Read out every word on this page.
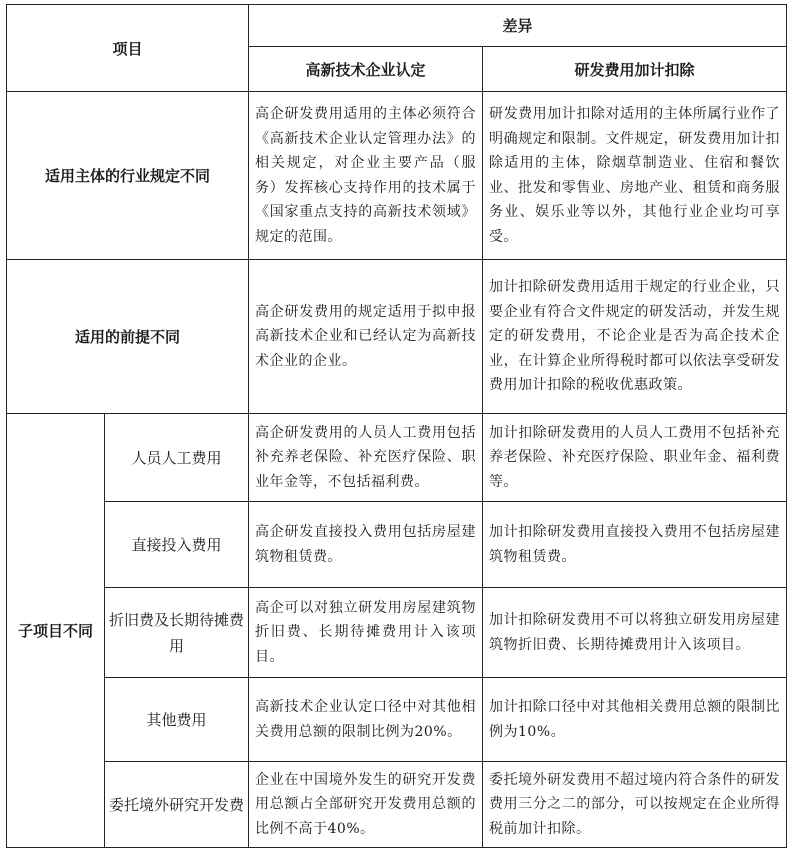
项目		差异	
		高新技术企业认定	研发费用加计扣除
适用主体的行业规定不同		高企研发费用适用的主体必须符合《高新技术企业认定管理办法》的相关规定，对企业主要产品（服务）发挥核心支持作用的技术属于《国家重点支持的高新技术领域》规定的范围。	研发费用加计扣除对适用的主体所属行业作了明确规定和限制。文件规定，研发费用加计扣除适用的主体，除烟草制造业、住宿和餐饮业、批发和零售业、房地产业、租赁和商务服务业、娱乐业等以外，其他行业企业均可享受。
适用的前提不同		高企研发费用的规定适用于拟申报高新技术企业和已经认定为高新技术企业的企业。	加计扣除研发费用适用于规定的行业企业，只要企业有符合文件规定的研发活动，并发生规定的研发费用，不论企业是否为高企技术企业，在计算企业所得税时都可以依法享受研发费用加计扣除的税收优惠政策。
子项目不同	人员人工费用	高企研发费用的人员人工费用包括补充养老保险、补充医疗保险、职业年金等，不包括福利费。	加计扣除研发费用的人员人工费用不包括补充养老保险、补充医疗保险、职业年金、福利费等。
	直接投入费用	高企研发直接投入费用包括房屋建筑物租赁费。	加计扣除研发费用直接投入费用不包括房屋建筑物租赁费。
	折旧费及长期待摊费用	高企可以对独立研发用房屋建筑物折旧费、长期待摊费用计入该项目。	加计扣除研发费用不可以将独立研发用房屋建筑物折旧费、长期待摊费用计入该项目。
	其他费用	高新技术企业认定口径中对其他相关费用总额的限制比例为20%。	加计扣除口径中对其他相关费用总额的限制比例为10%。
	委托境外研究开发费	企业在中国境外发生的研究开发费用总额占全部研究开发费用总额的比例不高于40%。	委托境外研发费用不超过境内符合条件的研发费用三分之二的部分，可以按规定在企业所得税前加计扣除。
